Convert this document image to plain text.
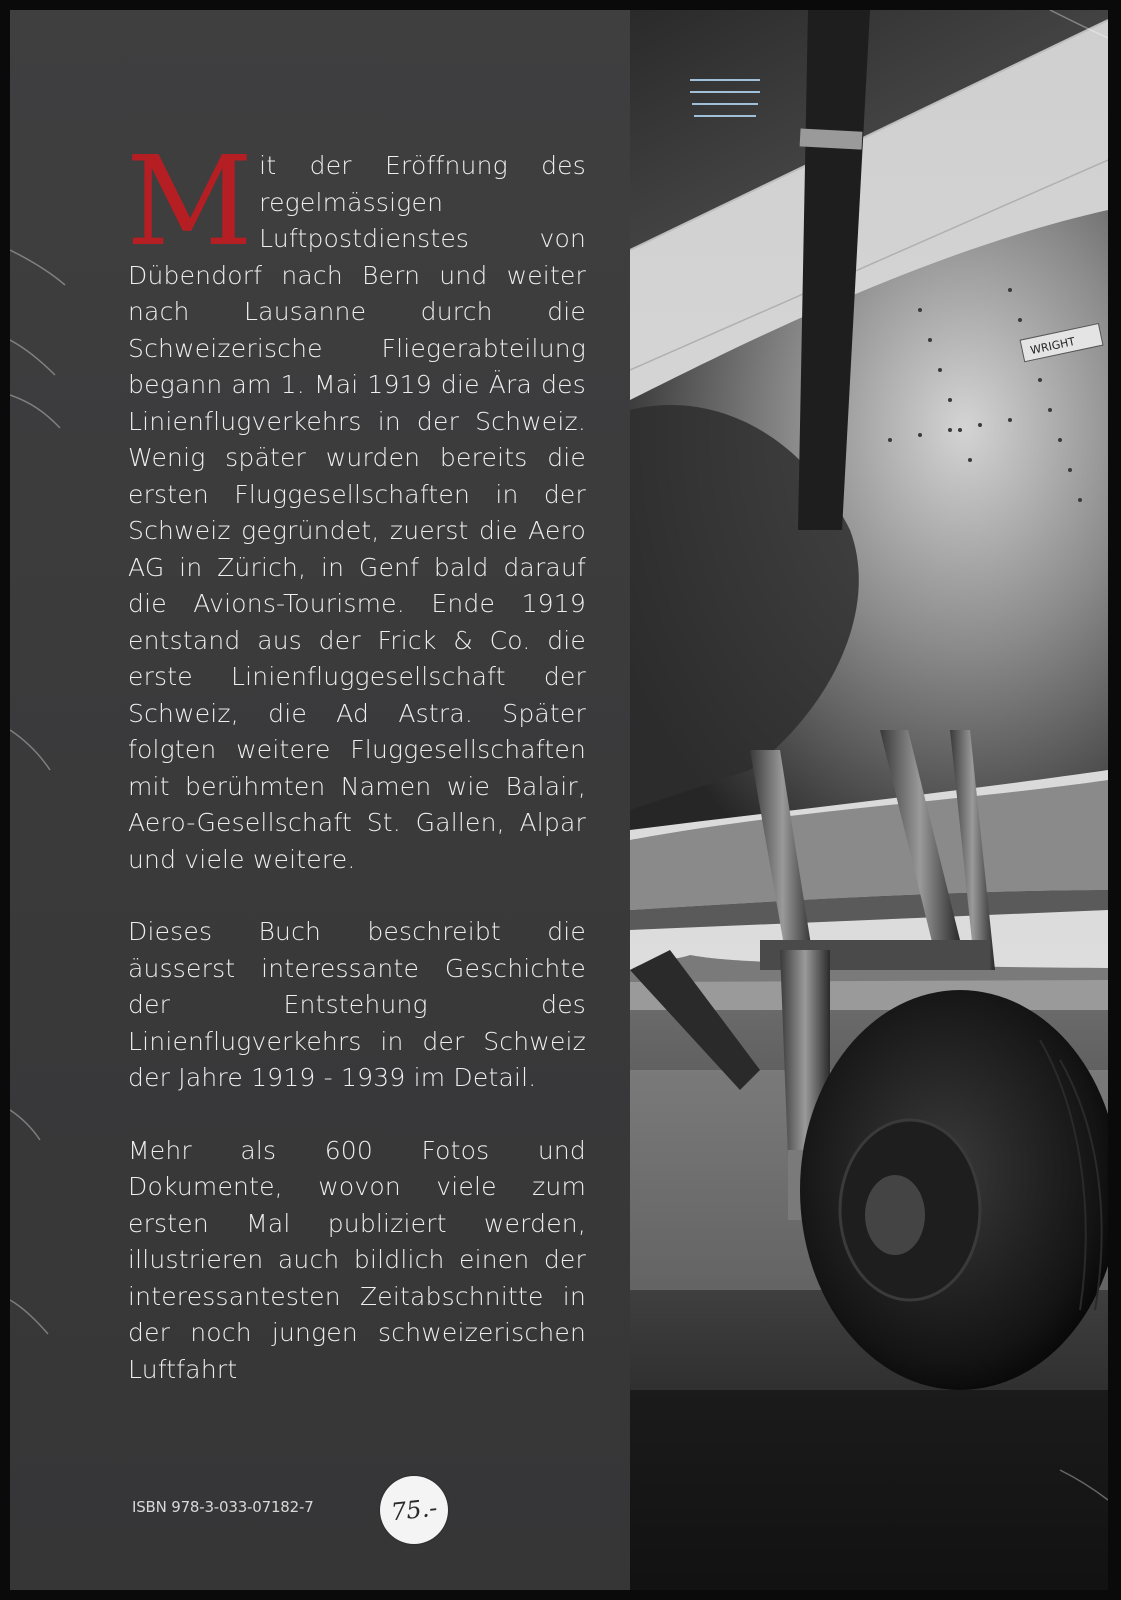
Mit der Eröffnung des regelmässigen Luftpostdienstes von Dübendorf nach Bern und weiter nach Lausanne durch die Schweizerische Fliegerabteilung begann am 1. Mai 1919 die Ära des Linienflugverkehrs in der Schweiz. Wenig später wurden bereits die ersten Fluggesellschaften in der Schweiz gegründet, zuerst die Aero AG in Zürich, in Genf bald darauf die Avions-Tourisme. Ende 1919 entstand aus der Frick & Co. die erste Linienfluggesellschaft der Schweiz, die Ad Astra. Später folgten weitere Fluggesellschaften mit berühmten Namen wie Balair, Aero-Gesellschaft St. Gallen, Alpar und viele weitere.

Dieses Buch beschreibt die äusserst interessante Geschichte der Entstehung des Linienflugverkehrs in der Schweiz der Jahre 1919 - 1939 im Detail.

Mehr als 600 Fotos und Dokumente, wovon viele zum ersten Mal publiziert werden, illustrieren auch bildlich einen der interessantesten Zeitabschnitte in der noch jungen schweizerischen Luftfahrt

ISBN 978-3-033-07182-7	75.-
WRIGHT
